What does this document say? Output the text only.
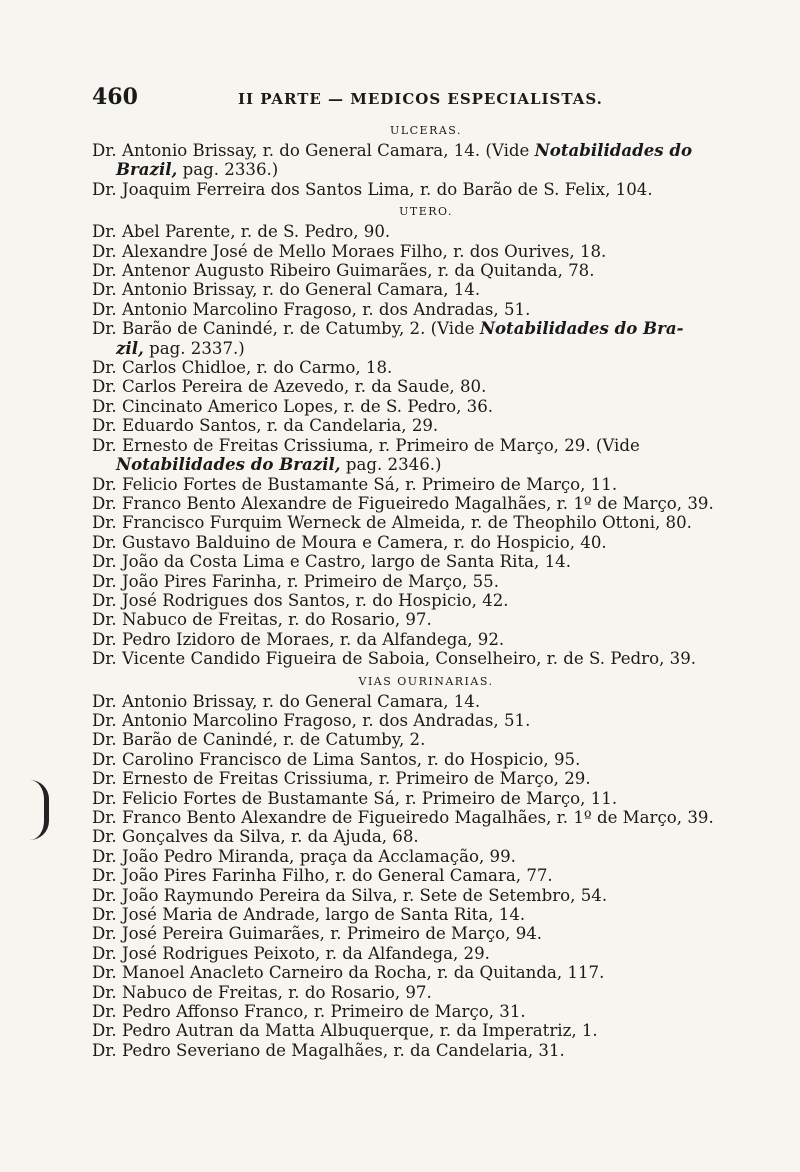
460	II PARTE — MEDICOS ESPECIALISTAS.
ULCERAS.
Dr. Antonio Brissay, r. do General Camara, 14. (Vide Notabilidades do
Brazil, pag. 2336.)
Dr. Joaquim Ferreira dos Santos Lima, r. do Barão de S. Felix, 104.
UTERO.
Dr. Abel Parente, r. de S. Pedro, 90.
Dr. Alexandre José de Mello Moraes Filho, r. dos Ourives, 18.
Dr. Antenor Augusto Ribeiro Guimarães, r. da Quitanda, 78.
Dr. Antonio Brissay, r. do General Camara, 14.
Dr. Antonio Marcolino Fragoso, r. dos Andradas, 51.
Dr. Barão de Canindé, r. de Catumby, 2. (Vide Notabilidades do Bra-
zil, pag. 2337.)
Dr. Carlos Chidloe, r. do Carmo, 18.
Dr. Carlos Pereira de Azevedo, r. da Saude, 80.
Dr. Cincinato Americo Lopes, r. de S. Pedro, 36.
Dr. Eduardo Santos, r. da Candelaria, 29.
Dr. Ernesto de Freitas Crissiuma, r. Primeiro de Março, 29. (Vide
Notabilidades do Brazil, pag. 2346.)
Dr. Felicio Fortes de Bustamante Sá, r. Primeiro de Março, 11.
Dr. Franco Bento Alexandre de Figueiredo Magalhães, r. 1º de Março, 39.
Dr. Francisco Furquim Werneck de Almeida, r. de Theophilo Ottoni, 80.
Dr. Gustavo Balduino de Moura e Camera, r. do Hospicio, 40.
Dr. João da Costa Lima e Castro, largo de Santa Rita, 14.
Dr. João Pires Farinha, r. Primeiro de Março, 55.
Dr. José Rodrigues dos Santos, r. do Hospicio, 42.
Dr. Nabuco de Freitas, r. do Rosario, 97.
Dr. Pedro Izidoro de Moraes, r. da Alfandega, 92.
Dr. Vicente Candido Figueira de Saboia, Conselheiro, r. de S. Pedro, 39.
VIAS OURINARIAS.
Dr. Antonio Brissay, r. do General Camara, 14.
Dr. Antonio Marcolino Fragoso, r. dos Andradas, 51.
Dr. Barão de Canindé, r. de Catumby, 2.
Dr. Carolino Francisco de Lima Santos, r. do Hospicio, 95.
Dr. Ernesto de Freitas Crissiuma, r. Primeiro de Março, 29.
Dr. Felicio Fortes de Bustamante Sá, r. Primeiro de Março, 11.
Dr. Franco Bento Alexandre de Figueiredo Magalhães, r. 1º de Março, 39.
Dr. Gonçalves da Silva, r. da Ajuda, 68.
Dr. João Pedro Miranda, praça da Acclamação, 99.
Dr. João Pires Farinha Filho, r. do General Camara, 77.
Dr. João Raymundo Pereira da Silva, r. Sete de Setembro, 54.
Dr. José Maria de Andrade, largo de Santa Rita, 14.
Dr. José Pereira Guimarães, r. Primeiro de Março, 94.
Dr. José Rodrigues Peixoto, r. da Alfandega, 29.
Dr. Manoel Anacleto Carneiro da Rocha, r. da Quitanda, 117.
Dr. Nabuco de Freitas, r. do Rosario, 97.
Dr. Pedro Affonso Franco, r. Primeiro de Março, 31.
Dr. Pedro Autran da Matta Albuquerque, r. da Imperatriz, 1.
Dr. Pedro Severiano de Magalhães, r. da Candelaria, 31.
